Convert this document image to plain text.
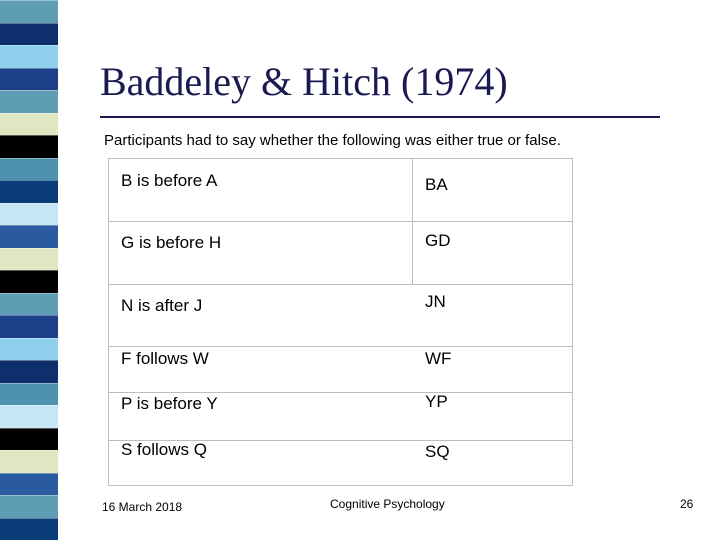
Baddeley & Hitch (1974)
Participants had to say whether the following was either true or false.
B is before A	BA
G is before H	GD
N is after J	JN
F follows W	WF
P is before Y	YP
S follows Q	SQ
16 March 2018	Cognitive Psychology	26
